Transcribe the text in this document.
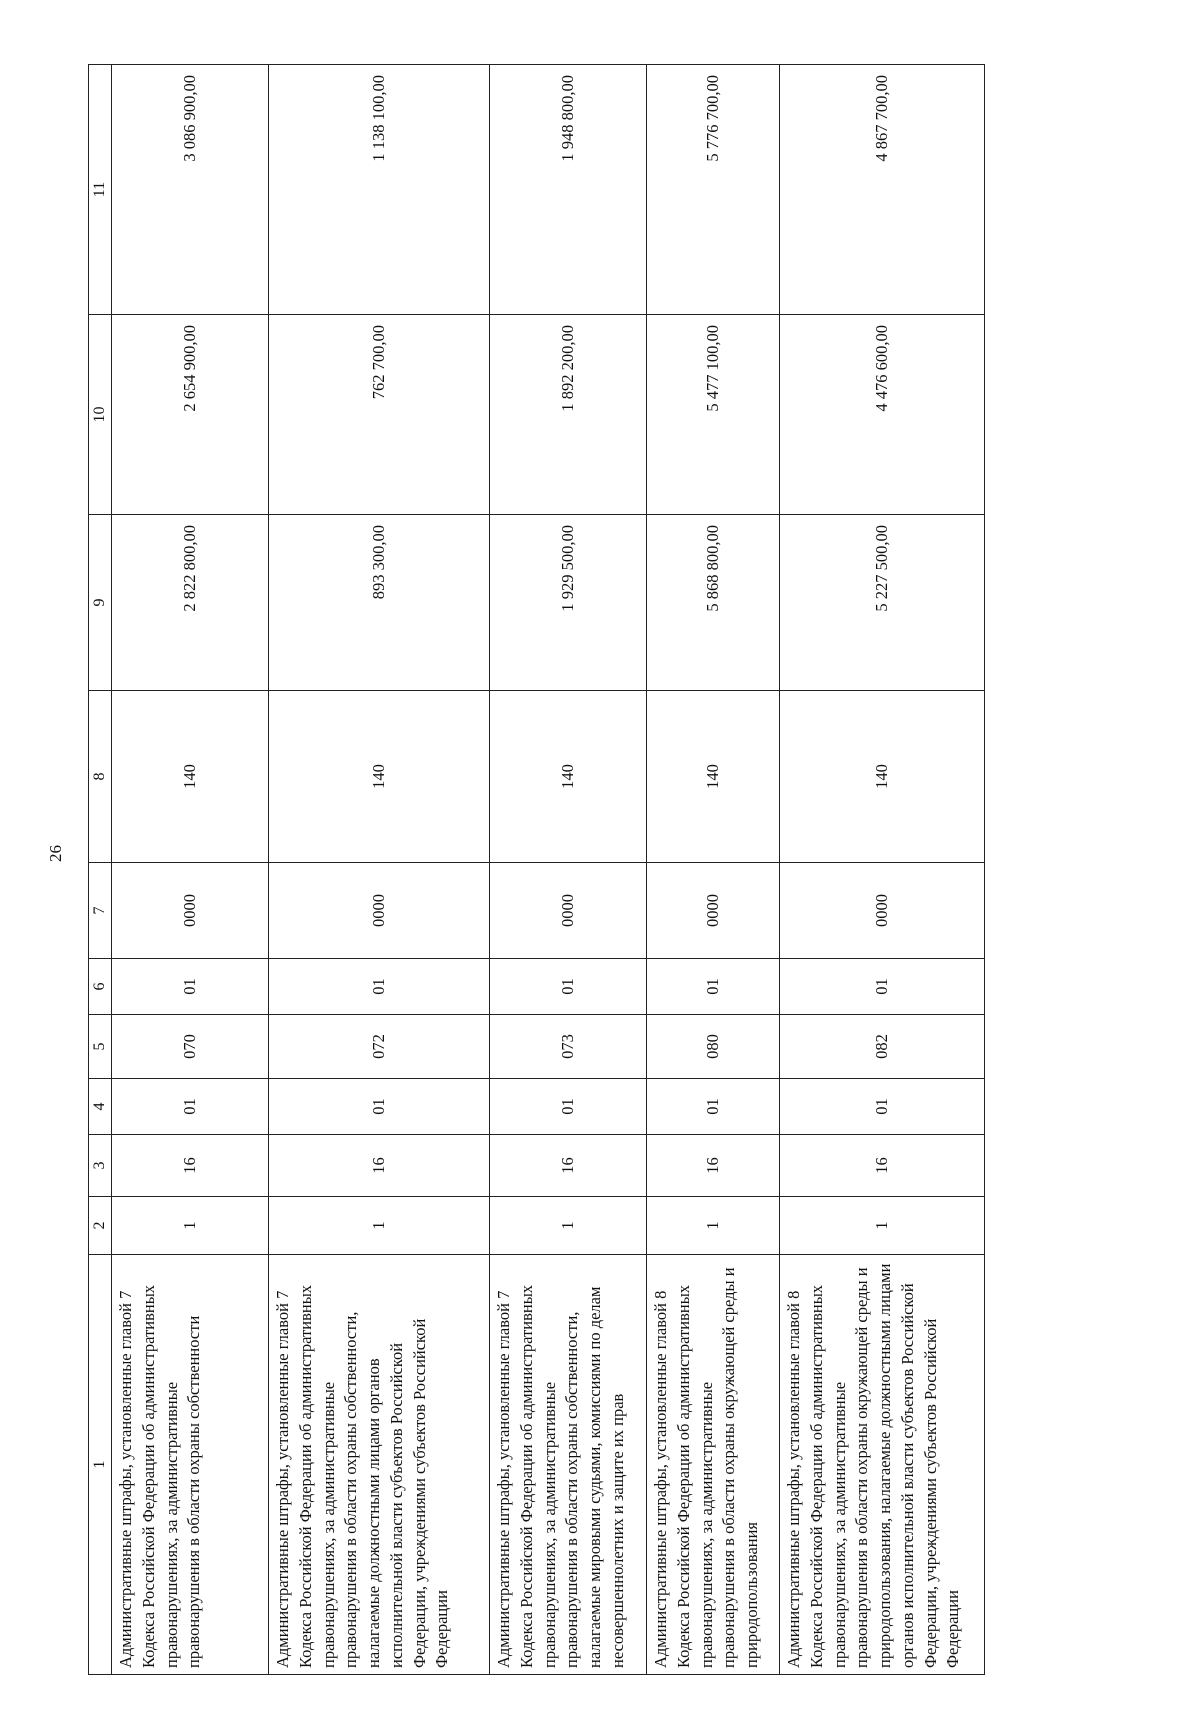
26
1	2	3	4	5	6	7	8	9	10	11
Административные штрафы, установленные главой 7 Кодекса Российской Федерации об административных правонарушениях, за административные правонарушения в области охраны собственности	1	16	01	070	01	0000	140	2 822 800,00	2 654 900,00	3 086 900,00
Административные штрафы, установленные главой 7 Кодекса Российской Федерации об административных правонарушениях, за административные правонарушения в области охраны собственности, налагаемые должностными лицами органов исполнительной власти субъектов Российской Федерации, учреждениями субъектов Российской Федерации	1	16	01	072	01	0000	140	893 300,00	762 700,00	1 138 100,00
Административные штрафы, установленные главой 7 Кодекса Российской Федерации об административных правонарушениях, за административные правонарушения в области охраны собственности, налагаемые мировыми судьями, комиссиями по делам несовершеннолетних и защите их прав	1	16	01	073	01	0000	140	1 929 500,00	1 892 200,00	1 948 800,00
Административные штрафы, установленные главой 8 Кодекса Российской Федерации об административных правонарушениях, за административные правонарушения в области охраны окружающей среды и природопользования	1	16	01	080	01	0000	140	5 868 800,00	5 477 100,00	5 776 700,00
Административные штрафы, установленные главой 8 Кодекса Российской Федерации об административных правонарушениях, за административные правонарушения в области охраны окружающей среды и природопользования, налагаемые должностными лицами органов исполнительной власти субъектов Российской Федерации, учреждениями субъектов Российской Федерации	1	16	01	082	01	0000	140	5 227 500,00	4 476 600,00	4 867 700,00
